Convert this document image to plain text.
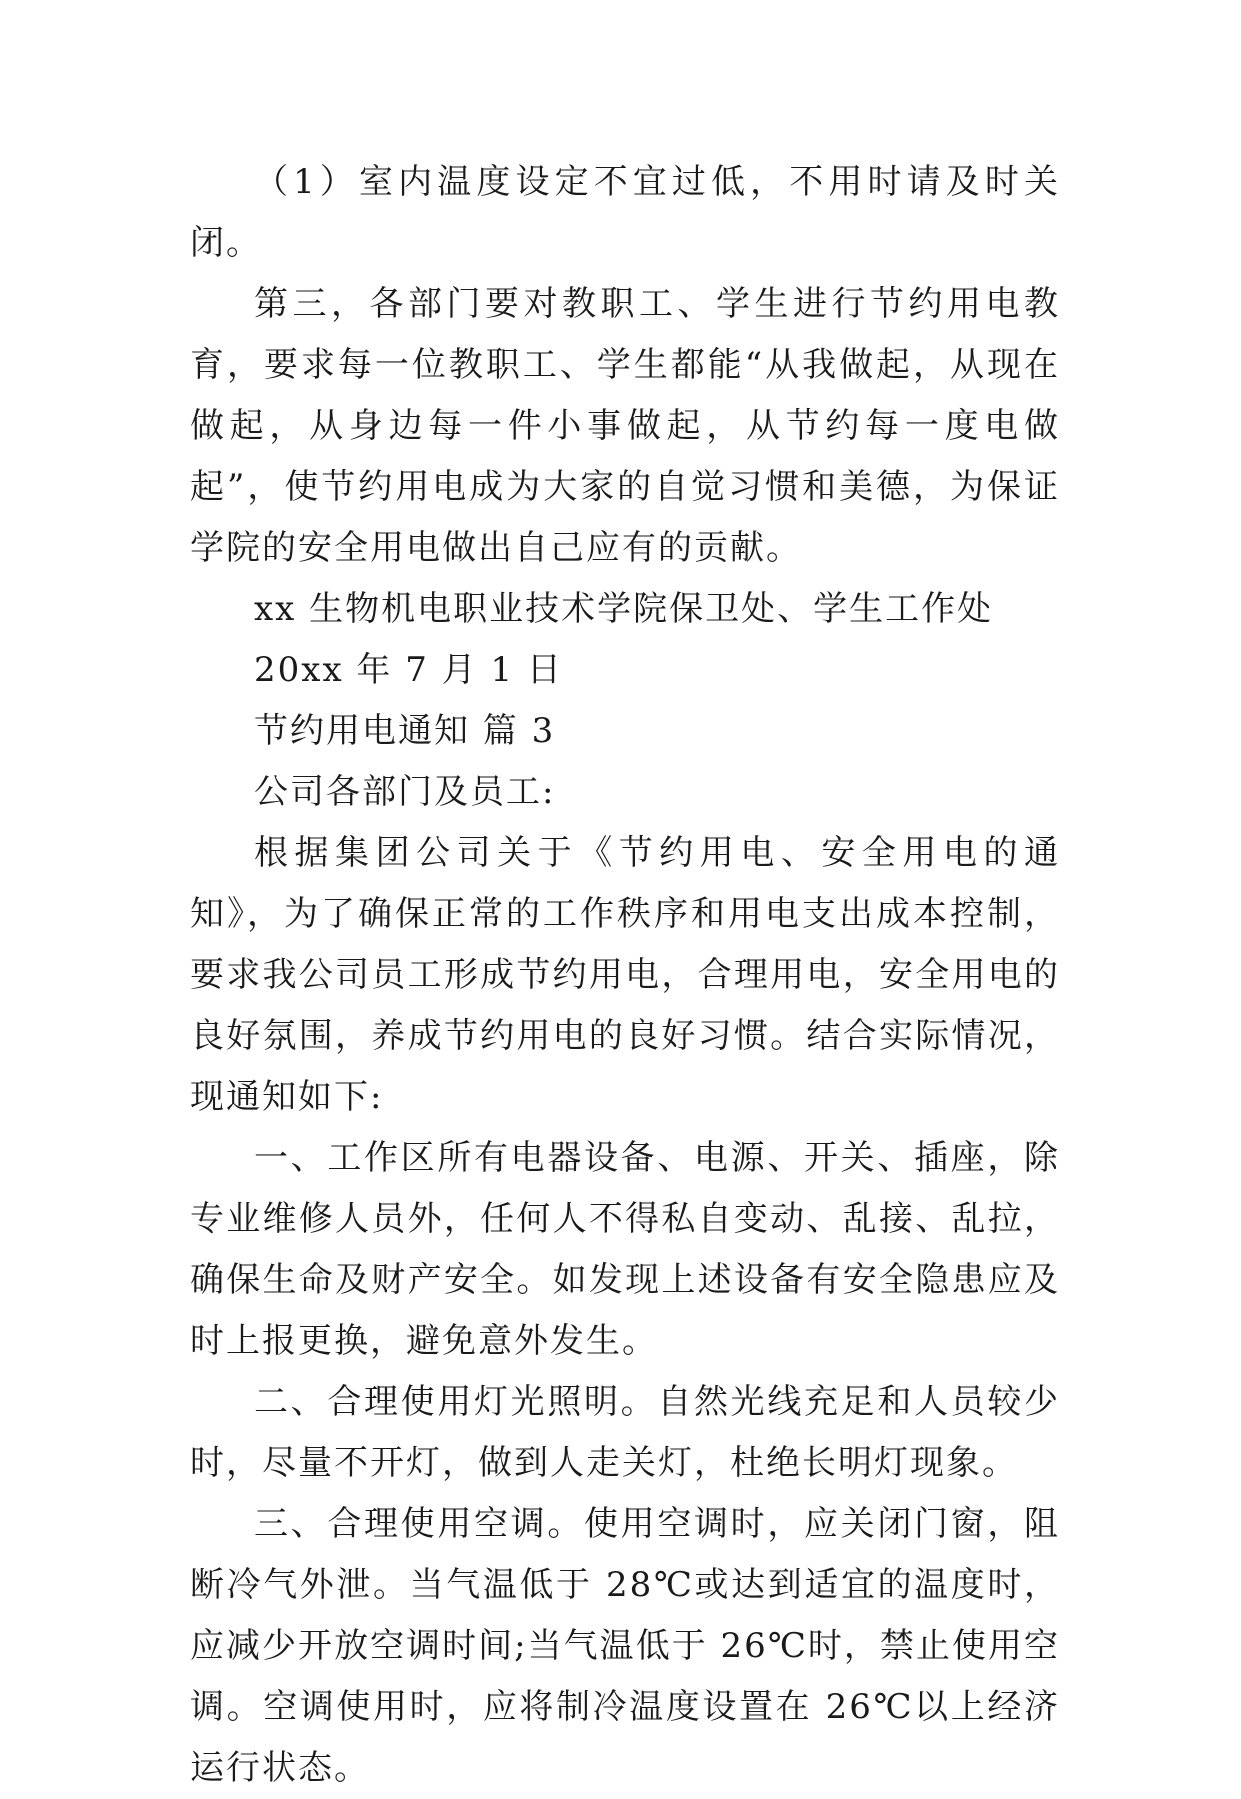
（1）室内温度设定不宜过低，不用时请及时关闭。

第三，各部门要对教职工、学生进行节约用电教育，要求每一位教职工、学生都能“从我做起，从现在做起，从身边每一件小事做起，从节约每一度电做起”，使节约用电成为大家的自觉习惯和美德，为保证学院的安全用电做出自己应有的贡献。

xx 生物机电职业技术学院保卫处、学生工作处

20xx 年 7 月 1 日

节约用电通知 篇 3

公司各部门及员工:

根据集团公司关于《节约用电、安全用电的通知》，为了确保正常的工作秩序和用电支出成本控制，要求我公司员工形成节约用电，合理用电，安全用电的良好氛围，养成节约用电的良好习惯。结合实际情况，现通知如下:

一、工作区所有电器设备、电源、开关、插座，除专业维修人员外，任何人不得私自变动、乱接、乱拉，确保生命及财产安全。如发现上述设备有安全隐患应及时上报更换，避免意外发生。

二、合理使用灯光照明。自然光线充足和人员较少时，尽量不开灯，做到人走关灯，杜绝长明灯现象。

三、合理使用空调。使用空调时，应关闭门窗，阻断冷气外泄。当气温低于 28℃或达到适宜的温度时，应减少开放空调时间;当气温低于 26℃时，禁止使用空调。空调使用时，应将制冷温度设置在 26℃以上经济运行状态。
